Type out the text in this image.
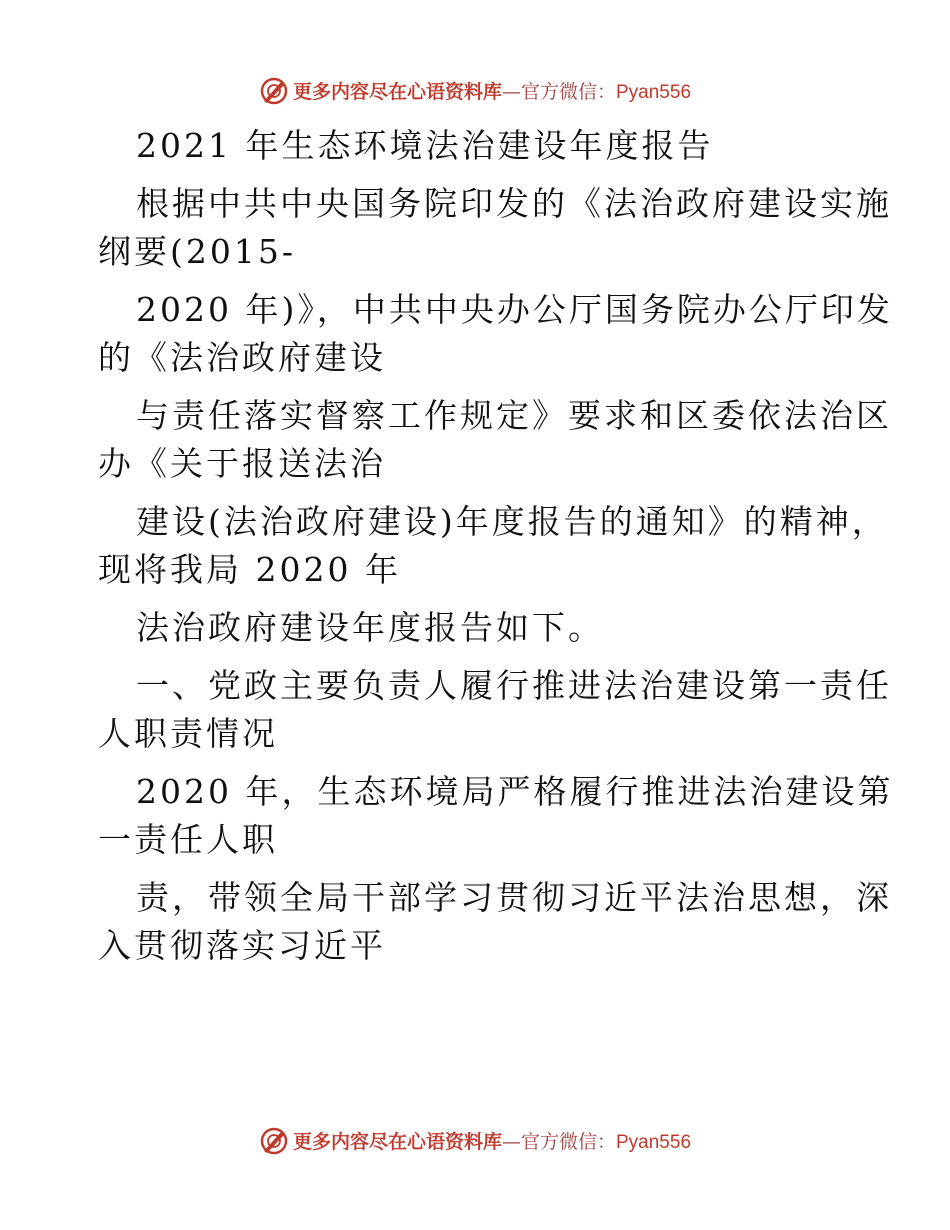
更多内容尽在心语资料库—官方微信：Pyan556
2021 年生态环境法治建设年度报告
根据中共中央国务院印发的《法治政府建设实施
纲要(2015-
2020 年)》，中共中央办公厅国务院办公厅印发
的《法治政府建设
与责任落实督察工作规定》要求和区委依法治区
办《关于报送法治
建设(法治政府建设)年度报告的通知》的精神，
现将我局 2020 年
法治政府建设年度报告如下。
一、党政主要负责人履行推进法治建设第一责任
人职责情况
2020 年，生态环境局严格履行推进法治建设第
一责任人职
责，带领全局干部学习贯彻习近平法治思想，深
入贯彻落实习近平
更多内容尽在心语资料库—官方微信：Pyan556
